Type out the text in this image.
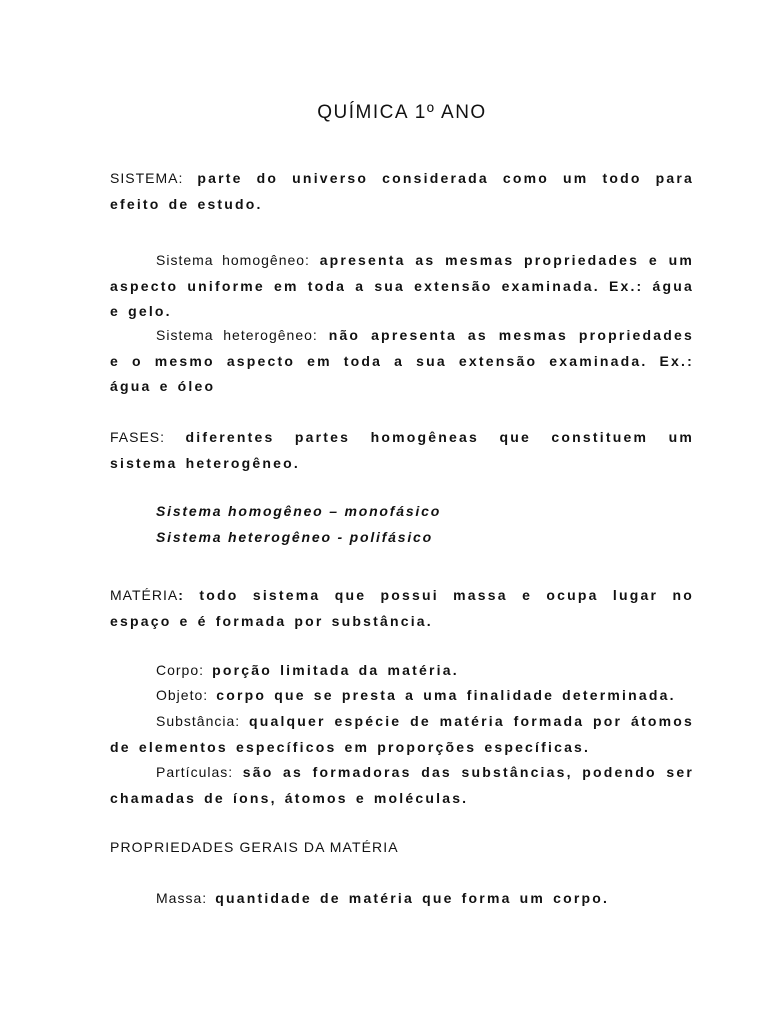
QUÍMICA 1º ANO

SISTEMA: parte do universo considerada como um todo para efeito de estudo.

Sistema homogêneo: apresenta as mesmas propriedades e um aspecto uniforme em toda a sua extensão examinada. Ex.: água e gelo.

Sistema heterogêneo: não apresenta as mesmas propriedades e o mesmo aspecto em toda a sua extensão examinada. Ex.: água e óleo

FASES: diferentes partes homogêneas que constituem um sistema heterogêneo.

Sistema homogêneo – monofásico
Sistema heterogêneo - polifásico

MATÉRIA: todo sistema que possui massa e ocupa lugar no espaço e é formada por substância.

Corpo: porção limitada da matéria.

Objeto: corpo que se presta a uma finalidade determinada.

Substância: qualquer espécie de matéria formada por átomos de elementos específicos em proporções específicas.

Partículas: são as formadoras das substâncias, podendo ser chamadas de íons, átomos e moléculas.

PROPRIEDADES GERAIS DA MATÉRIA

Massa: quantidade de matéria que forma um corpo.
